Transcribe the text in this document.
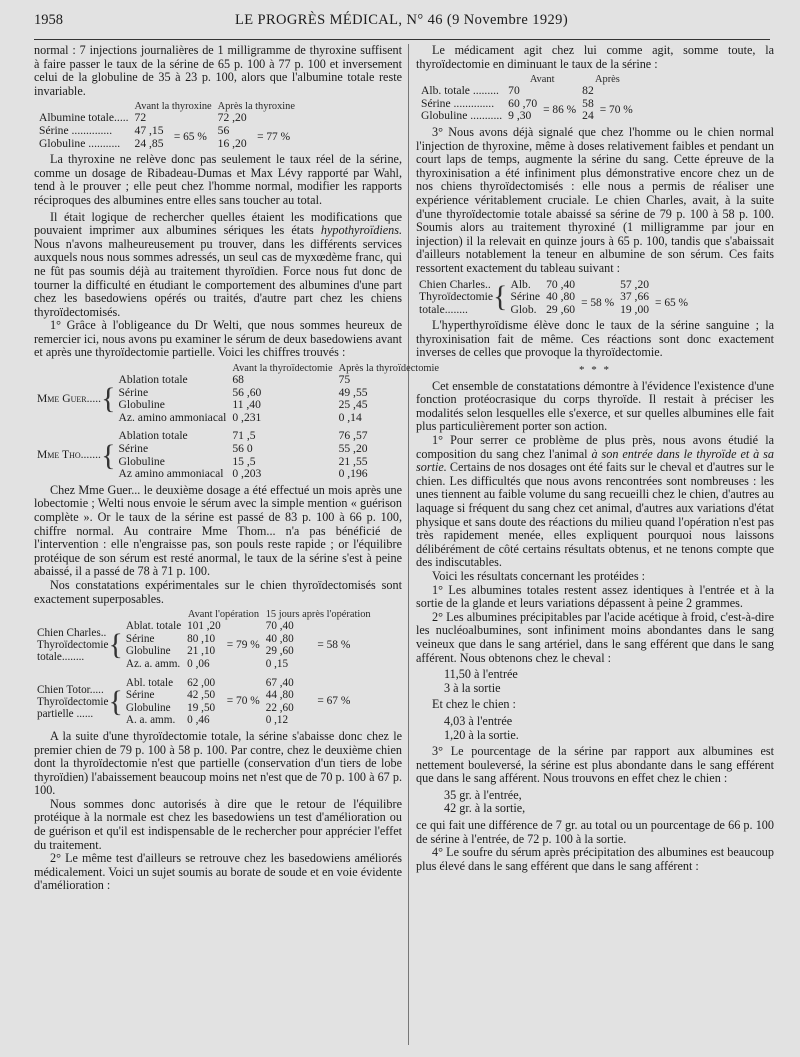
1958	LE PROGRÈS MÉDICAL, N° 46 (9 Novembre 1929)

normal : 7 injections journalières de 1 milligramme de thyroxine suffisent à faire passer le taux de la sérine de 65 p. 100 à 77 p. 100 et inversement celui de la globuline de 35 à 23 p. 100, alors que l'albumine totale reste invariable.

	Avant la thyroxine		Après la thyroxine	
Albumine totale.....	72		72 ,20	
Sérine ..............	47 ,15	= 65 %	56	= 77 %
Globuline ...........	24 ,85		16 ,20	

La thyroxine ne relève donc pas seulement le taux réel de la sérine, comme un dosage de Ribadeau-Dumas et Max Lévy rapporté par Wahl, tend à le prouver ; elle peut chez l'homme normal, modifier les rapports réciproques des albumines entre elles sans toucher au total.

Il était logique de rechercher quelles étaient les modifications que pouvaient imprimer aux albumines sériques les états hypothyroïdiens. Nous n'avons malheureusement pu trouver, dans les différents services auxquels nous nous sommes adressés, un seul cas de myxœdème franc, qui ne fût pas soumis déjà au traitement thyroïdien. Force nous fut donc de tourner la difficulté en étudiant le comportement des albumines d'une part chez les basedowiens opérés ou traités, d'autre part chez les chiens thyroïdectomisés.

1° Grâce à l'obligeance du Dr Welti, que nous sommes heureux de remercier ici, nous avons pu examiner le sérum de deux basedowiens avant et après une thyroïdectomie partielle. Voici les chiffres trouvés :

			Avant la thyroïdectomie	Après la thyroïdectomie
Mme Guer.....	{	Ablation totale	68	75
		Sérine	56 ,60	49 ,55
		Globuline	11 ,40	25 ,45
		Az. amino ammoniacal	0 ,231	0 ,14

Mme Tho.......	{	Ablation totale	71 ,5	76 ,57
		Sérine	56 0	55 ,20
		Globuline	15 ,5	21 ,55
		Az amino ammoniacal	0 ,203	0 ,196

Chez Mme Guer... le deuxième dosage a été effectué un mois après une lobectomie ; Welti nous envoie le sérum avec la simple mention « guérison complète ». Or le taux de la sérine est passé de 83 p. 100 à 66 p. 100, chiffre normal. Au contraire Mme Thom... n'a pas bénéficié de l'intervention : elle n'engraisse pas, son pouls reste rapide ; or l'équilibre protéique de son sérum est resté anormal, le taux de la sérine s'est à peine abaissé, il a passé de 78 à 71 p. 100.

Nos constatations expérimentales sur le chien thyroïdectomisés sont exactement superposables.

			Avant l'opération		15 jours après l'opération	

Chien Charles..
Thyroïdectomie
totale........	{	Ablat. totale	101 ,20		70 ,40	
		Sérine	80 ,10	= 79 %	40 ,80	= 58 %
		Globuline	21 ,10		29 ,60	
		Az. a. amm.	0 ,06		0 ,15	

Chien Totor.....
Thyroïdectomie
partielle ......	{	Abl. totale	62 ,00		67 ,40	
		Sérine	42 ,50	= 70 %	44 ,80	= 67 %
		Globuline	19 ,50		22 ,60	
		A. a. amm.	0 ,46		0 ,12	

A la suite d'une thyroïdectomie totale, la sérine s'abaisse donc chez le premier chien de 79 p. 100 à 58 p. 100. Par contre, chez le deuxième chien dont la thyroïdectomie n'est que partielle (conservation d'un tiers de lobe thyroïdien) l'abaissement beaucoup moins net n'est que de 70 p. 100 à 67 p. 100.

Nous sommes donc autorisés à dire que le retour de l'équilibre protéique à la normale est chez les basedowiens un test d'amélioration ou de guérison et qu'il est indispensable de le rechercher pour apprécier l'effet du traitement.

2° Le même test d'ailleurs se retrouve chez les basedowiens améliorés médicalement. Voici un sujet soumis au borate de soude et en voie évidente d'amélioration :

Le médicament agit chez lui comme agit, somme toute, la thyroïdectomie en diminuant le taux de la sérine :

	Avant		Après	
Alb. totale .........	70		82	
Sérine ..............	60 ,70	= 86 %	58	= 70 %
Globuline ...........	9 ,30		24	

3° Nous avons déjà signalé que chez l'homme ou le chien normal l'injection de thyroxine, même à doses relativement faibles et pendant un court laps de temps, augmente la sérine du sang. Cette épreuve de la thyroxinisation a été infiniment plus démonstrative encore chez un de nos chiens thyroïdectomisés : elle nous a permis de réaliser une expérience véritablement cruciale. Le chien Charles, avait, à la suite d'une thyroïdectomie totale abaissé sa sérine de 79 p. 100 à 58 p. 100. Soumis alors au traitement thyroxiné (1 milligramme par jour en injection) il la relevait en quinze jours à 65 p. 100, tandis que s'abaissait d'ailleurs notablement la teneur en albumine de son sérum. Ces faits ressortent exactement du tableau suivant :

Chien Charles..
Thyroïdectomie
totale........	{	Alb.	70 ,40		57 ,20	
		Sérine	40 ,80	= 58 %	37 ,66	= 65 %
		Glob.	29 ,60		19 ,00	

L'hyperthyroïdisme élève donc le taux de la sérine sanguine ; la thyroxinisation fait de même. Ces réactions sont donc exactement inverses de celles que provoque la thyroïdectomie.

* * *

Cet ensemble de constatations démontre à l'évidence l'existence d'une fonction protéocrasique du corps thyroïde. Il restait à préciser les modalités selon lesquelles elle s'exerce, et sur quelles albumines elle fait plus particulièrement porter son action.

1° Pour serrer ce problème de plus près, nous avons étudié la composition du sang chez l'animal à son entrée dans le thyroïde et à sa sortie. Certains de nos dosages ont été faits sur le cheval et d'autres sur le chien. Les difficultés que nous avons rencontrées sont nombreuses : les unes tiennent au faible volume du sang recueilli chez le chien, d'autres au laquage si fréquent du sang chez cet animal, d'autres aux variations d'état physique et sans doute des réactions du milieu quand l'opération n'est pas très rapidement menée, elles expliquent pourquoi nous laissons délibérément de côté certains résultats obtenus, et ne tenons compte que des indiscutables.

Voici les résultats concernant les protéides :

1° Les albumines totales restent assez identiques à l'entrée et à la sortie de la glande et leurs variations dépassent à peine 2 grammes.

2° Les albumines précipitables par l'acide acétique à froid, c'est-à-dire les nucléoalbumines, sont infiniment moins abondantes dans le sang veineux que dans le sang artériel, dans le sang efférent que dans le sang afférent. Nous obtenons chez le cheval :

11,50 à l'entrée
3 à la sortie

Et chez le chien :

4,03 à l'entrée
1,20 à la sortie.

3° Le pourcentage de la sérine par rapport aux albumines est nettement bouleversé, la sérine est plus abondante dans le sang efférent que dans le sang afférent. Nous trouvons en effet chez le chien :

35 gr. à l'entrée,
42 gr. à la sortie,

ce qui fait une différence de 7 gr. au total ou un pourcentage de 66 p. 100 de sérine à l'entrée, de 72 p. 100 à la sortie.

4° Le soufre du sérum après précipitation des albumines est beaucoup plus élevé dans le sang efférent que dans le sang afférent :
